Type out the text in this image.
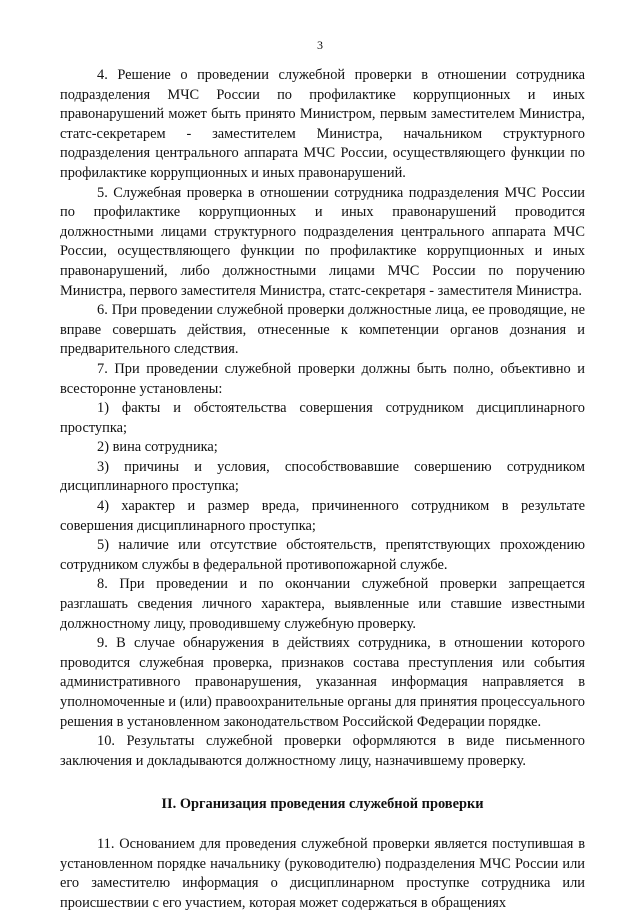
3

4. Решение о проведении служебной проверки в отношении сотрудника подразделения МЧС России по профилактике коррупционных и иных правонарушений может быть принято Министром, первым заместителем Министра, статс-секретарем - заместителем Министра, начальником структурного подразделения центрального аппарата МЧС России, осуществляющего функции по профилактике коррупционных и иных правонарушений.

5. Служебная проверка в отношении сотрудника подразделения МЧС России по профилактике коррупционных и иных правонарушений проводится должностными лицами структурного подразделения центрального аппарата МЧС России, осуществляющего функции по профилактике коррупционных и иных правонарушений, либо должностными лицами МЧС России по поручению Министра, первого заместителя Министра, статс-секретаря - заместителя Министра.

6. При проведении служебной проверки должностные лица, ее проводящие, не вправе совершать действия, отнесенные к компетенции органов дознания и предварительного следствия.

7. При проведении служебной проверки должны быть полно, объективно и всесторонне установлены:

1) факты и обстоятельства совершения сотрудником дисциплинарного проступка;

2) вина сотрудника;

3) причины и условия, способствовавшие совершению сотрудником дисциплинарного проступка;

4) характер и размер вреда, причиненного сотрудником в результате совершения дисциплинарного проступка;

5) наличие или отсутствие обстоятельств, препятствующих прохождению сотрудником службы в федеральной противопожарной службе.

8. При проведении и по окончании служебной проверки запрещается разглашать сведения личного характера, выявленные или ставшие известными должностному лицу, проводившему служебную проверку.

9. В случае обнаружения в действиях сотрудника, в отношении которого проводится служебная проверка, признаков состава преступления или события административного правонарушения, указанная информация направляется в уполномоченные и (или) правоохранительные органы для принятия процессуального решения в установленном законодательством Российской Федерации порядке.

10. Результаты служебной проверки оформляются в виде письменного заключения и докладываются должностному лицу, назначившему проверку.

II. Организация проведения служебной проверки

11. Основанием для проведения служебной проверки является поступившая в установленном порядке начальнику (руководителю) подразделения МЧС России или его заместителю информация о дисциплинарном проступке сотрудника или происшествии с его участием, которая может содержаться в обращениях
